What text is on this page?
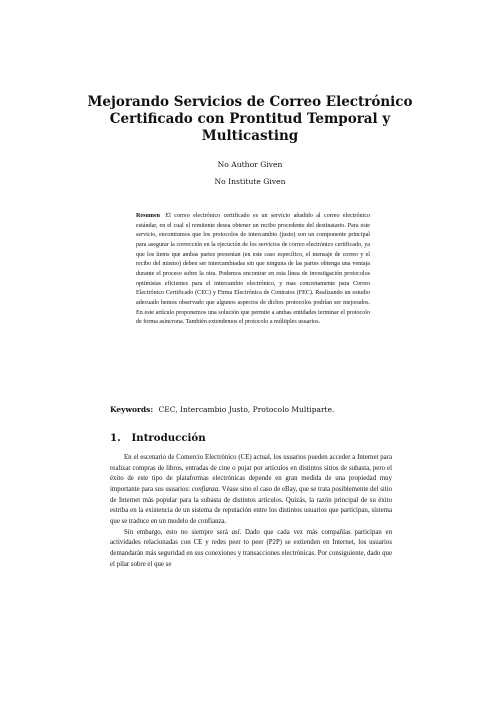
Mejorando Servicios de Correo Electrónico
Certificado con Prontitud Temporal y
Multicasting
No Author Given
No Institute Given

Resumen El correo electrónico certificado es un servicio añadido al correo electrónico estándar, en el cual el remitente desea obtener un recibo procedente del destinatario. Para este servicio, encontramos que los protocolos de intercambio (justo) son un componente principal para asegurar la corrección en la ejecución de los servicios de correo electrónico certificado, ya que los ítems que ambas partes presentan (en este caso específico, el mensaje de correo y el recibo del mismo) deben ser intercambiadas sin que ninguna de las partes obtenga una ventaja durante el proceso sobre la otra. Podemos encontrar en esta línea de investigación protocolos optimistas eficientes para el intercambio electrónico, y mas concretamente para Correo Electrónico Certificado (CEC) y Firma Electrónica de Contratos (FEC). Realizando un estudio adecuado hemos observado que algunos aspectos de dichos protocolos podrían ser mejorados. En este artículo proponemos una solución que permite a ambas entidades terminar el protocolo de forma asíncrona. También extendemos el protocolo a múltiples usuarios.

Keywords: CEC, Intercambio Justo, Protocolo Multiparte.
1. Introducción

En el escenario de Comercio Electrónico (CE) actual, los usuarios pueden acceder a Internet para realizar compras de libros, entradas de cine o pujar por artículos en distintos sitios de subasta, pero el éxito de este tipo de plataformas electrónicas depende en gran medida de una propiedad muy importante para sus usuarios: confianza. Véase sino el caso de eBay, que se trata posiblemente del sitio de Internet más popular para la subasta de distintos artículos. Quizás, la razón principal de su éxito estriba en la existencia de un sistema de reputación entre los distintos usuarios que participan, sistema que se traduce en un modelo de confianza.

Sin embargo, esto no siempre será así. Dado que cada vez más compañías participan en actividades relacionadas con CE y redes peer to peer (P2P) se extienden en Internet, los usuarios demandarán más seguridad en sus conexiones y transacciones electrónicas. Por consiguiente, dado que el pilar sobre el que se
